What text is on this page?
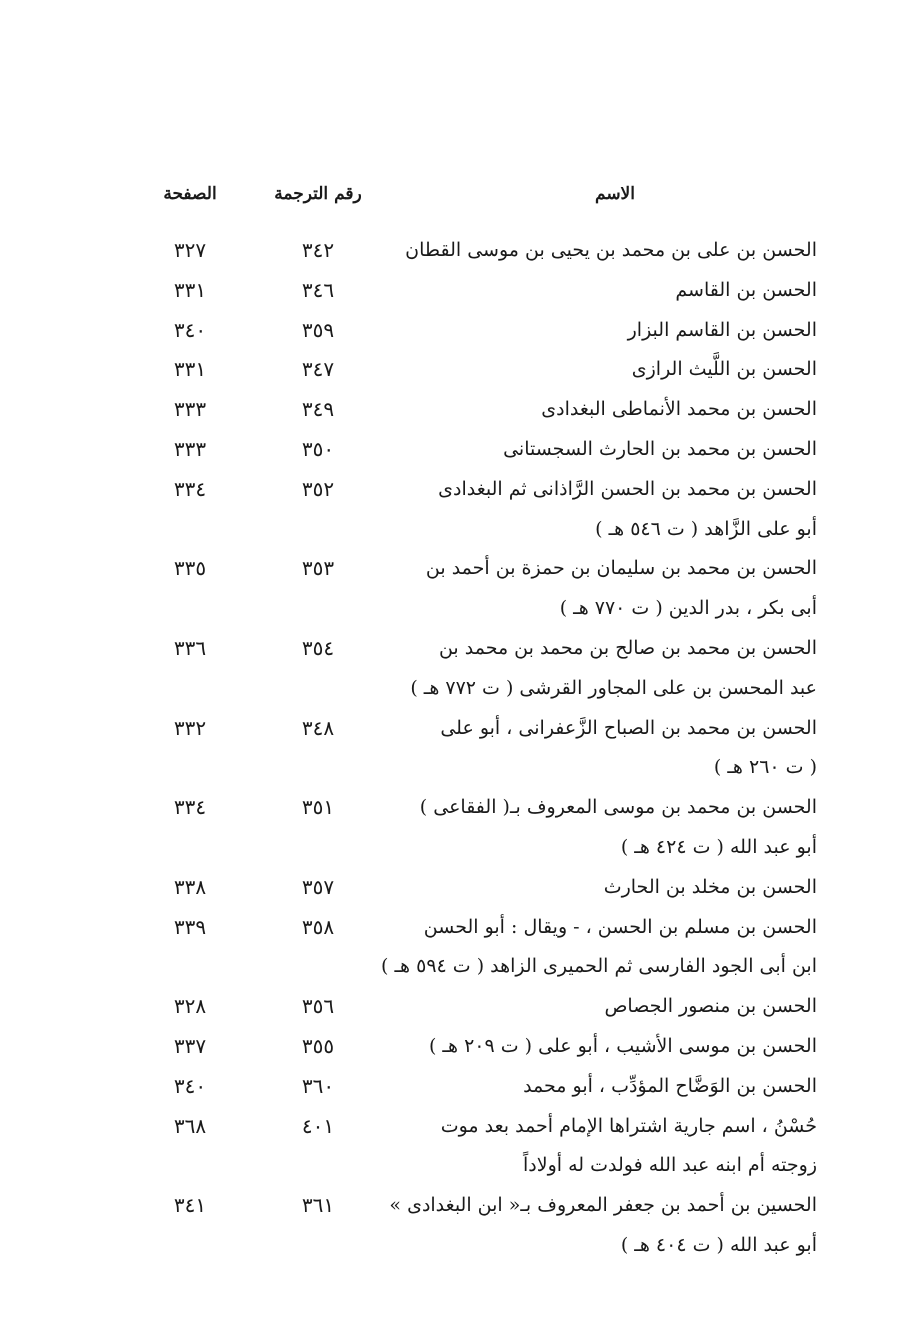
الاسم
رقم الترجمة
الصفحة
الحسن بن على بن محمد بن يحيى بن موسى القطان
٣٤٢
٣٢٧
الحسن بن القاسم
٣٤٦
٣٣١
الحسن بن القاسم البزار
٣٥٩
٣٤٠
الحسن بن اللَّيث الرازى
٣٤٧
٣٣١
الحسن بن محمد الأنماطى البغدادى
٣٤٩
٣٣٣
الحسن بن محمد بن الحارث السجستانى
٣٥٠
٣٣٣
الحسن بن محمد بن الحسن الرَّاذانى ثم البغدادى
أبو على الزَّاهد ( ت ٥٤٦ هـ )
٣٥٢
٣٣٤
الحسن بن محمد بن سليمان بن حمزة بن أحمد بن
أبى بكر ، بدر الدين ( ت ٧٧٠ هـ )
٣٥٣
٣٣٥
الحسن بن محمد بن صالح بن محمد بن محمد بن
عبد المحسن بن على المجاور القرشى ( ت ٧٧٢ هـ )
٣٥٤
٣٣٦
الحسن بن محمد بن الصباح الزَّعفرانى ، أبو على
( ت ٢٦٠ هـ )
٣٤٨
٣٣٢
الحسن بن محمد بن موسى المعروف بـ( الفقاعى )
أبو عبد الله ( ت ٤٢٤ هـ )
٣٥١
٣٣٤
الحسن بن مخلد بن الحارث
٣٥٧
٣٣٨
الحسن بن مسلم بن الحسن ، - ويقال : أبو الحسن
ابن أبى الجود الفارسى ثم الحميرى الزاهد ( ت ٥٩٤ هـ )
٣٥٨
٣٣٩
الحسن بن منصور الجصاص
٣٥٦
٣٢٨
الحسن بن موسى الأشيب ، أبو على ( ت ٢٠٩ هـ )
٣٥٥
٣٣٧
الحسن بن الوَضَّاح المؤدِّب ، أبو محمد
٣٦٠
٣٤٠
حُسْنُ ، اسم جارية اشتراها الإمام أحمد بعد موت
زوجته أم ابنه عبد الله فولدت له أولاداً
٤٠١
٣٦٨
الحسين بن أحمد بن جعفر المعروف بـ« ابن البغدادى »
أبو عبد الله ( ت ٤٠٤ هـ )
٣٦١
٣٤١
